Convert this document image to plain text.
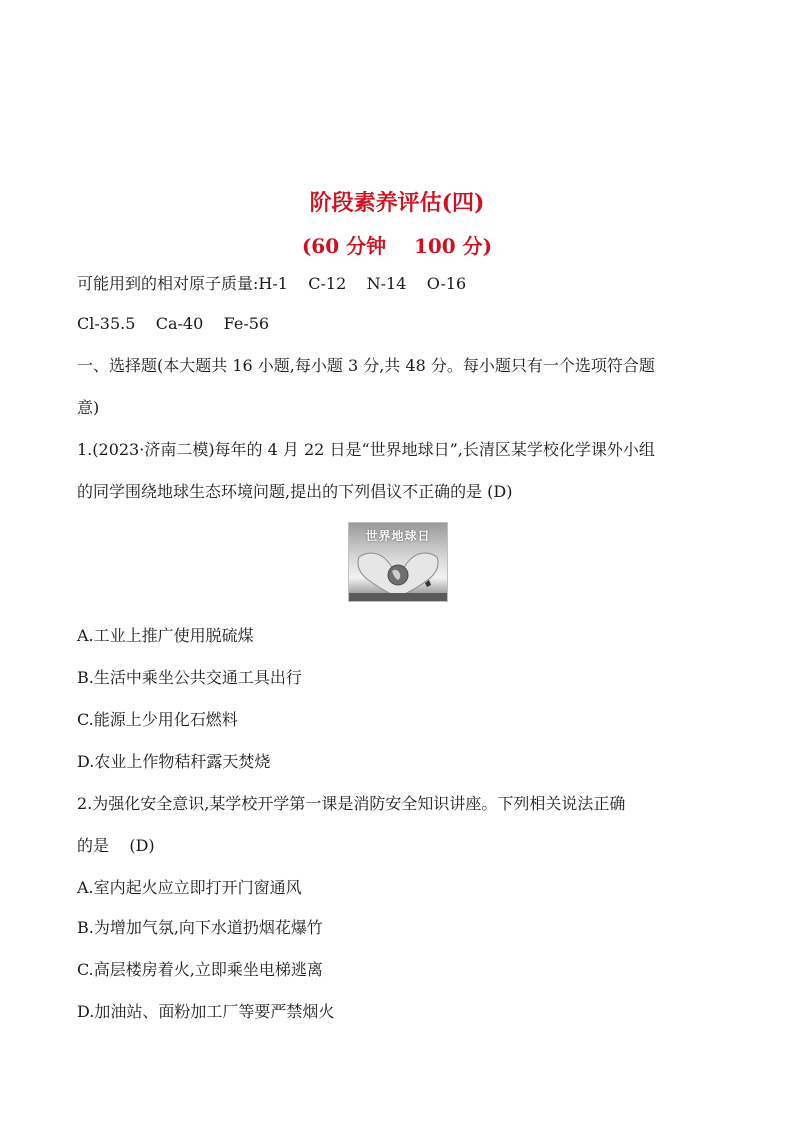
阶段素养评估(四)
(60 分钟    100 分)
可能用到的相对原子质量:H-1    C-12    N-14    O-16
Cl-35.5    Ca-40    Fe-56
一、选择题(本大题共 16 小题,每小题 3 分,共 48 分。每小题只有一个选项符合题
意)
1.(2023·济南二模)每年的 4 月 22 日是“世界地球日”,长清区某学校化学课外小组
的同学围绕地球生态环境问题,提出的下列倡议不正确的是 (D)
世界地球日
A.工业上推广使用脱硫煤
B.生活中乘坐公共交通工具出行
C.能源上少用化石燃料
D.农业上作物秸秆露天焚烧
2.为强化安全意识,某学校开学第一课是消防安全知识讲座。下列相关说法正确
的是    (D)
A.室内起火应立即打开门窗通风
B.为增加气氛,向下水道扔烟花爆竹
C.高层楼房着火,立即乘坐电梯逃离
D.加油站、面粉加工厂等要严禁烟火
